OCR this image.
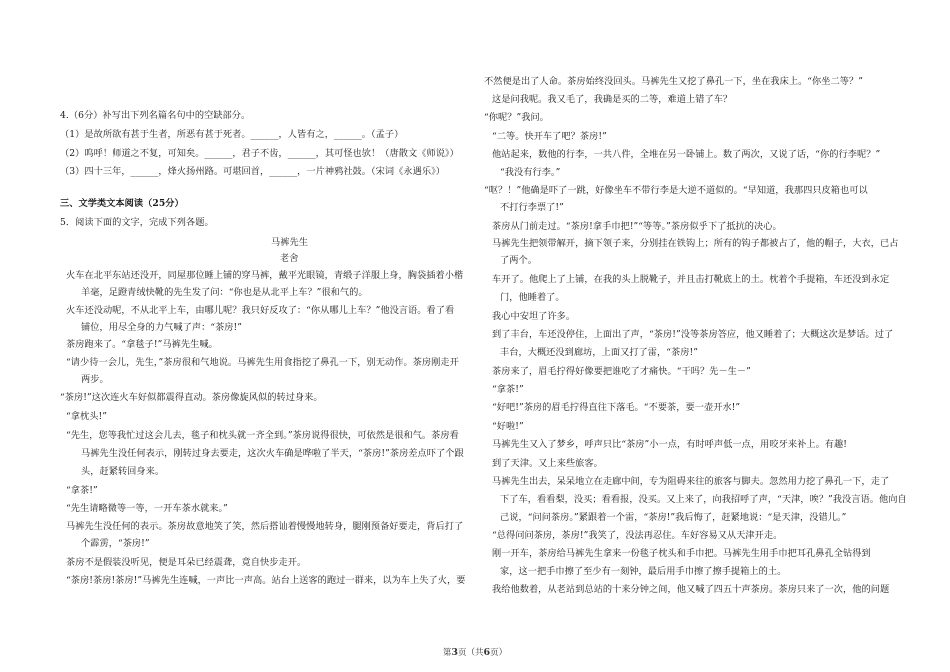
4.（6分）补写出下列名篇名句中的空缺部分。
（1）是故所欲有甚于生者，所恶有甚于死者。______，人皆有之，______。（孟子）
（2）呜呼！师道之不复，可知矣。______，君子不齿，______，其可怪也欤！（唐散文《师说》）
（3）四十三年，______，烽火扬州路。可堪回首，______，一片神鸦社鼓。（宋词《永遇乐》）
三、文学类文本阅读（25分）
5．阅读下面的文字，完成下列各题。
马裤先生
老舍
火车在北平东站还没开，同屋那位睡上铺的穿马裤，戴平光眼镜，青缎子洋服上身，胸袋插着小楷
羊毫，足蹬青绒快靴的先生发了问：“你也是从北平上车？”很和气的。
火车还没动呢，不从北平上车，由哪儿呢？我只好反攻了：“你从哪儿上车？”他没言语。看了看
铺位，用尽全身的力气喊了声：“茶房!”
茶房跑来了。“拿毯子!”马裤先生喊。
“请少待一会儿，先生，”茶房很和气地说。马裤先生用食指挖了鼻孔一下，别无动作。茶房刚走开
两步。
“茶房!”这次连火车好似都震得直动。茶房像旋风似的转过身来。
“拿枕头!”
“先生，您等我忙过这会儿去，毯子和枕头就一齐全到。”茶房说得很快，可依然是很和气。茶房看
马裤先生没任何表示，刚转过身去要走，这次火车确是哗啦了半天，“茶房!”茶房差点吓了个跟
头，赶紧转回身来。
“拿茶!”
“先生请略微等一等，一开车茶水就来。”
马裤先生没任何的表示。茶房故意地笑了笑，然后搭讪着慢慢地转身，腿刚预备好要走，背后打了
个霹雳，“茶房!”
茶房不是假装没听见，便是耳朵已经震聋，竟自快步走开。
“茶房!茶房!茶房!”马裤先生连喊，一声比一声高。站台上送客的跑过一群来，以为车上失了火，要
不然便是出了人命。茶房始终没回头。马裤先生又挖了鼻孔一下，坐在我床上。“你坐二等？”
这是问我呢。我又毛了，我确是买的二等，难道上错了车？
“你呢？”我问。
“二等。快开车了吧？茶房!”
他站起来，数他的行李，一共八件，全堆在另一卧铺上。数了两次，又说了话，“你的行李呢？”
“我没有行李。”
“呕？！”他确是吓了一跳，好像坐车不带行李是大逆不道似的。“早知道，我那四只皮箱也可以
不打行李票了!”
茶房从门前走过。“茶房!拿手巾把!”“等等。”茶房似乎下了抵抗的决心。
马裤先生把领带解开，摘下领子来，分别挂在铁钩上；所有的钩子都被占了，他的帽子，大衣，已占
了两个。
车开了。他爬上了上铺，在我的头上脱靴子，并且击打靴底上的土。枕着个手提箱，车还没到永定
门，他睡着了。
我心中安坦了许多。
到了丰台，车还没停住，上面出了声，“茶房!”没等茶房答应，他又睡着了；大概这次是梦话。过了
丰台，大概还没到廊坊，上面又打了雷，“茶房!”
茶房来了，眉毛拧得好像要把谁吃了才痛快。“干吗？先－生－”
“拿茶!”
“好吧!”茶房的眉毛拧得直往下落毛。“不要茶，要一壶开水!”
“好啦!”
马裤先生又入了梦乡，呼声只比“茶房”小一点，有时呼声低一点，用咬牙来补上。有趣!
到了天津。又上来些旅客。
马裤先生出去，呆呆地立在走廊中间，专为阻碍来往的旅客与脚夫。忽然用力挖了鼻孔一下，走了
下了车，看看梨，没买；看看报，没买。又上来了，向我招呼了声，“天津，唉？”我没言语。他向自
己说，“问问茶房。”紧跟着一个雷，“茶房!”我后悔了，赶紧地说：“是天津，没错儿。”
“总得问问茶房，茶房!”我笑了，没法再忍住。车好容易又从天津开走。
刚一开车，茶房给马裤先生拿来一份毯子枕头和手巾把。马裤先生用手巾把耳孔鼻孔全钻得到
家，这一把手巾擦了至少有一刻钟，最后用手巾擦了擦手提箱上的土。
我给他数着，从老站到总站的十来分钟之间，他又喊了四五十声茶房。茶房只来了一次，他的问题
第3页（共6页）
